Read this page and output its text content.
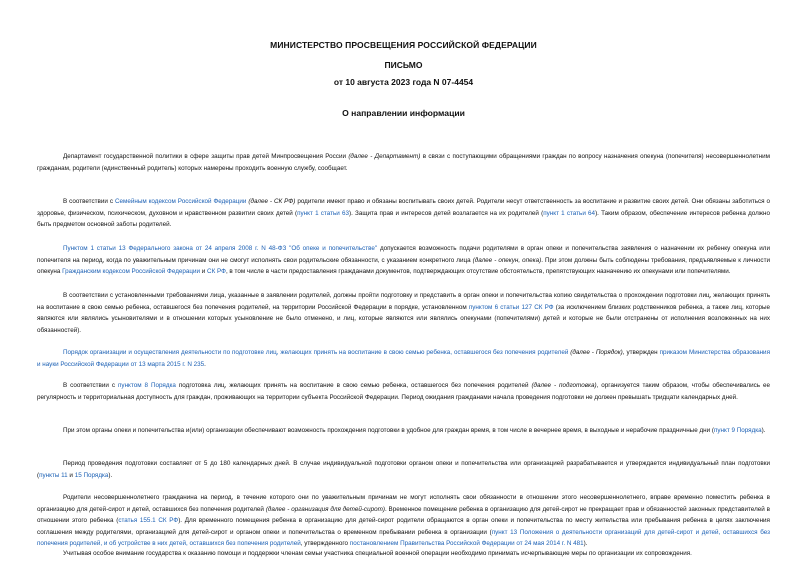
МИНИСТЕРСТВО ПРОСВЕЩЕНИЯ РОССИЙСКОЙ ФЕДЕРАЦИИ
ПИСЬМО
от 10 августа 2023 года N 07-4454
О направлении информации

Департамент государственной политики в сфере защиты прав детей Минпросвещения России (далее - Департамент) в связи с поступающими обращениями граждан по вопросу назначения опекуна (попечителя) несовершеннолетним гражданам, родители (единственный родитель) которых намерены проходить военную службу, сообщает.

В соответствии с Семейным кодексом Российской Федерации (далее - СК РФ) родители имеют право и обязаны воспитывать своих детей. Родители несут ответственность за воспитание и развитие своих детей. Они обязаны заботиться о здоровье, физическом, психическом, духовном и нравственном развитии своих детей (пункт 1 статьи 63). Защита прав и интересов детей возлагается на их родителей (пункт 1 статьи 64). Таким образом, обеспечение интересов ребенка должно быть предметом основной заботы родителей.

Пунктом 1 статьи 13 Федерального закона от 24 апреля 2008 г. N 48-ФЗ "Об опеке и попечительстве" допускается возможность подачи родителями в орган опеки и попечительства заявления о назначении их ребенку опекуна или попечителя на период, когда по уважительным причинам они не смогут исполнять свои родительские обязанности, с указанием конкретного лица (далее - опекун, опека). При этом должны быть соблюдены требования, предъявляемые к личности опекуна Гражданским кодексом Российской Федерации и СК РФ, в том числе в части предоставления гражданами документов, подтверждающих отсутствие обстоятельств, препятствующих назначению их опекунами или попечителями.

В соответствии с установленными требованиями лица, указанные в заявлении родителей, должны пройти подготовку и представить в орган опеки и попечительства копию свидетельства о прохождении подготовки лиц, желающих принять на воспитание в свою семью ребенка, оставшегося без попечения родителей, на территории Российской Федерации в порядке, установленном пунктом 6 статьи 127 СК РФ (за исключением близких родственников ребенка, а также лиц, которые являются или являлись усыновителями и в отношении которых усыновление не было отменено, и лиц, которые являются или являлись опекунами (попечителями) детей и которые не были отстранены от исполнения возложенных на них обязанностей).

Порядок организации и осуществления деятельности по подготовке лиц, желающих принять на воспитание в свою семью ребенка, оставшегося без попечения родителей (далее - Порядок), утвержден приказом Министерства образования и науки Российской Федерации от 13 марта 2015 г. N 235.

В соответствии с пунктом 8 Порядка подготовка лиц, желающих принять на воспитание в свою семью ребенка, оставшегося без попечения родителей (далее - подготовка), организуется таким образом, чтобы обеспечивались ее регулярность и территориальная доступность для граждан, проживающих на территории субъекта Российской Федерации. Период ожидания гражданами начала проведения подготовки не должен превышать тридцати календарных дней.

При этом органы опеки и попечительства и(или) организации обеспечивают возможность прохождения подготовки в удобное для граждан время, в том числе в вечернее время, в выходные и нерабочие праздничные дни (пункт 9 Порядка).

Период проведения подготовки составляет от 5 до 180 календарных дней. В случае индивидуальной подготовки органом опеки и попечительства или организацией разрабатывается и утверждается индивидуальный план подготовки (пункты 11 и 15 Порядка).

Родители несовершеннолетнего гражданина на период, в течение которого они по уважительным причинам не могут исполнять свои обязанности в отношении этого несовершеннолетнего, вправе временно поместить ребенка в организацию для детей-сирот и детей, оставшихся без попечения родителей (далее - организация для детей-сирот). Временное помещение ребенка в организацию для детей-сирот не прекращает прав и обязанностей законных представителей в отношении этого ребенка (статья 155.1 СК РФ). Для временного помещения ребенка в организацию для детей-сирот родители обращаются в орган опеки и попечительства по месту жительства или пребывания ребенка в целях заключения соглашения между родителями, организацией для детей-сирот и органом опеки и попечительства о временном пребывании ребенка в организации (пункт 13 Положения о деятельности организаций для детей-сирот и детей, оставшихся без попечения родителей, и об устройстве в них детей, оставшихся без попечения родителей, утвержденного постановлением Правительства Российской Федерации от 24 мая 2014 г. N 481).

Учитывая особое внимание государства к оказанию помощи и поддержки членам семьи участника специальной военной операции необходимо принимать исчерпывающие меры по организации их сопровождения.
